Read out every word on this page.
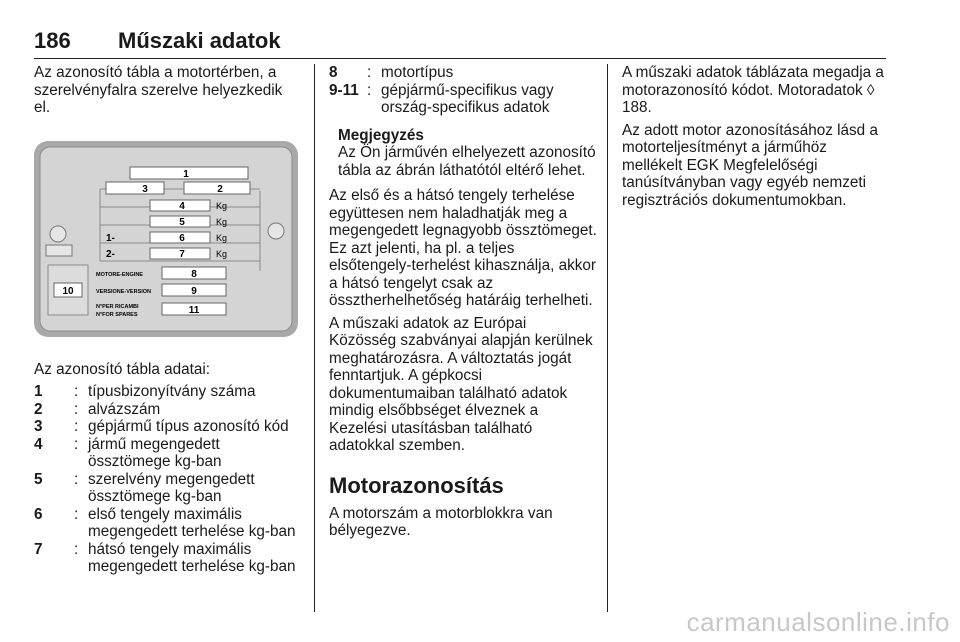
186 Műszaki adatok

Az azonosító tábla a motortérben, a szerelvényfalra szerelve helyezkedik el.

1
3	2
4	Kg
5	Kg
1-	6	Kg
2-	7	Kg
10
MOTORE-ENGINE	8
VERSIONE-VERSION	9
N°PER RICAMBI
N°FOR SPARES	11

Az azonosító tábla adatai:

1	: típusbizonyítvány száma
2	: alvázszám
3	: gépjármű típus azonosító kód
4	: jármű megengedett össztömege kg-ban
5	: szerelvény megengedett össztömege kg-ban
6	: első tengely maximális megengedett terhelése kg-ban
7	: hátsó tengely maximális megengedett terhelése kg-ban
8	: motortípus
9-11 : gépjármű-specifikus vagy ország-specifikus adatok
Megjegyzés
Az Ön járművén elhelyezett azonosító tábla az ábrán láthatótól eltérő lehet.

Az első és a hátsó tengely terhelése együttesen nem haladhatják meg a megengedett legnagyobb össztömeget. Ez azt jelenti, ha pl. a teljes elsőtengely-terhelést kihasználja, akkor a hátsó tengelyt csak az össztherhelhetőség határáig terhelheti.

A műszaki adatok az Európai Közösség szabványai alapján kerülnek meghatározásra. A változtatás jogát fenntartjuk. A gépkocsi dokumentumaiban található adatok mindig elsőbbséget élveznek a Kezelési utasításban található adatokkal szemben.

Motorazonosítás

A motorszám a motorblokkra van bélyegezve.

A műszaki adatok táblázata megadja a motorazonosító kódot. Motoradatok ◊ 188.

Az adott motor azonosításához lásd a motorteljesítményt a járműhöz mellékelt EGK Megfelelőségi tanúsítványban vagy egyéb nemzeti regisztrációs dokumentumokban.

carmanualsonline.info
